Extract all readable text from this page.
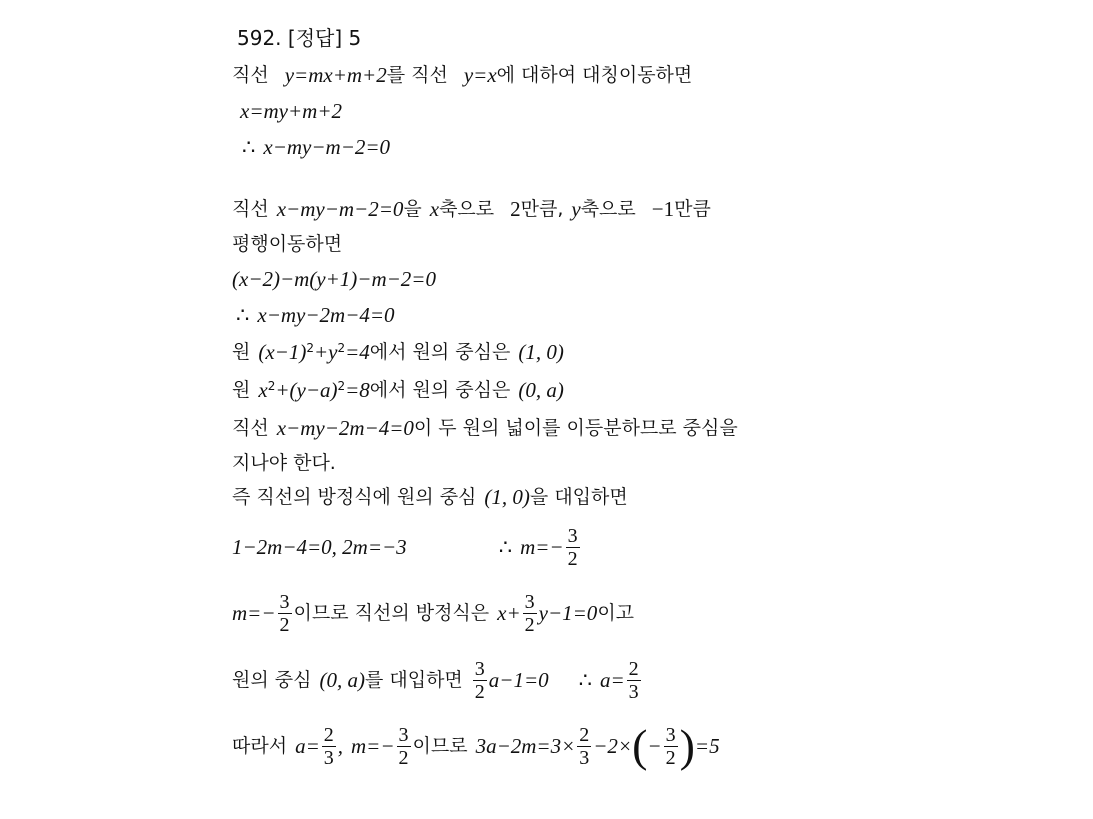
592. [정답] 5
직선 y=mx+m+2 를 직선 y=x 에 대하여 대칭이동하면
x=my+m+2
∴ x−my−m−2=0
직선 x−my−m−2=0 을 x 축으로 2 만큼, y 축으로 −1 만큼
평행이동하면
(x−2)−m(y+1)−m−2=0
∴ x−my−2m−4=0
원 $(x-1)^2 +y^2 =4$ 에서 원의 중심은 (1, 0)
원 $x^2 +(y-a)^2 =8$ 에서 원의 중심은 (0, a)
직선 x−my−2m−4=0 이 두 원의 넓이를 이등분하므로 중심을
지나야 한다.
즉 직선의 방정식에 원의 중심 (1, 0) 을 대입하면
1−2m−4=0, 2m=−3	∴ $m=- \frac{3}{2}$
$m=- \frac{3}{2}$ 이므로 직선의 방정식은 $x+ \frac{3}{2} y-1=0$ 이고
원의 중심 (0, a) 를 대입하면 $\frac{3}{2} a-1=0$ ∴ $a= \frac{2}{3}$
따라서 $a= \frac{2}{3}$ , $m=- \frac{3}{2}$ 이므로 $3a-2m=3\times \frac{2}{3} -2\times$ ( − $\frac{3}{2}$ ) =5
